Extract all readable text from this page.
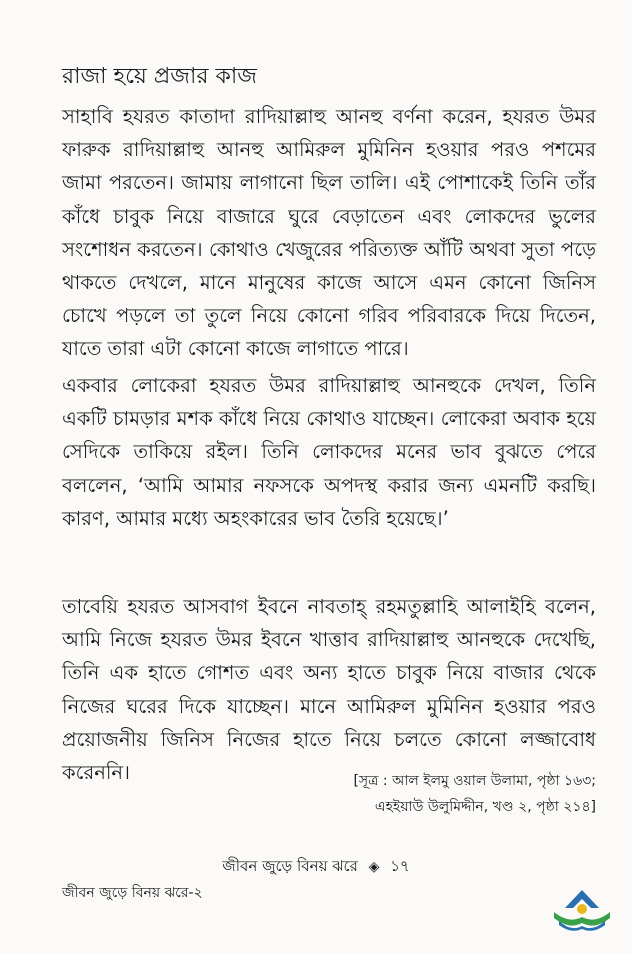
রাজা হয়ে প্রজার কাজ
সাহাবি হযরত কাতাদা রাদিয়াল্লাহু আনহু বর্ণনা করেন, হযরত উমর ফারুক রাদিয়াল্লাহু আনহু আমিরুল মুমিনিন হওয়ার পরও পশমের জামা পরতেন। জামায় লাগানো ছিল তালি। এই পোশাকেই তিনি তাঁর কাঁধে চাবুক নিয়ে বাজারে ঘুরে বেড়াতেন এবং লোকদের ভুলের সংশোধন করতেন। কোথাও খেজুরের পরিত্যক্ত আঁটি অথবা সুতা পড়ে থাকতে দেখলে, মানে মানুষের কাজে আসে এমন কোনো জিনিস চোখে পড়লে তা তুলে নিয়ে কোনো গরিব পরিবারকে দিয়ে দিতেন, যাতে তারা এটা কোনো কাজে লাগাতে পারে।
একবার লোকেরা হযরত উমর রাদিয়াল্লাহু আনহুকে দেখল, তিনি একটি চামড়ার মশক কাঁধে নিয়ে কোথাও যাচ্ছেন। লোকেরা অবাক হয়ে সেদিকে তাকিয়ে রইল। তিনি লোকদের মনের ভাব বুঝতে পেরে বললেন, ‘আমি আমার নফসকে অপদস্থ করার জন্য এমনটি করছি। কারণ, আমার মধ্যে অহংকারের ভাব তৈরি হয়েছে।’
তাবেয়ি হযরত আসবাগ ইবনে নাবতাহ্ রহমতুল্লাহি আলাইহি বলেন, আমি নিজে হযরত উমর ইবনে খাত্তাব রাদিয়াল্লাহু আনহুকে দেখেছি, তিনি এক হাতে গোশত এবং অন্য হাতে চাবুক নিয়ে বাজার থেকে নিজের ঘরের দিকে যাচ্ছেন। মানে আমিরুল মুমিনিন হওয়ার পরও প্রয়োজনীয় জিনিস নিজের হাতে নিয়ে চলতে কোনো লজ্জাবোধ করেননি।	[সূত্র : আল ইলমু ওয়াল উলামা, পৃষ্ঠা ১৬৩;
এহইয়াউ উলুমিদ্দীন, খণ্ড ২, পৃষ্ঠা ২১৪]
জীবন জুড়ে বিনয় ঝরে ◈ ১৭
জীবন জুড়ে বিনয় ঝরে-২
